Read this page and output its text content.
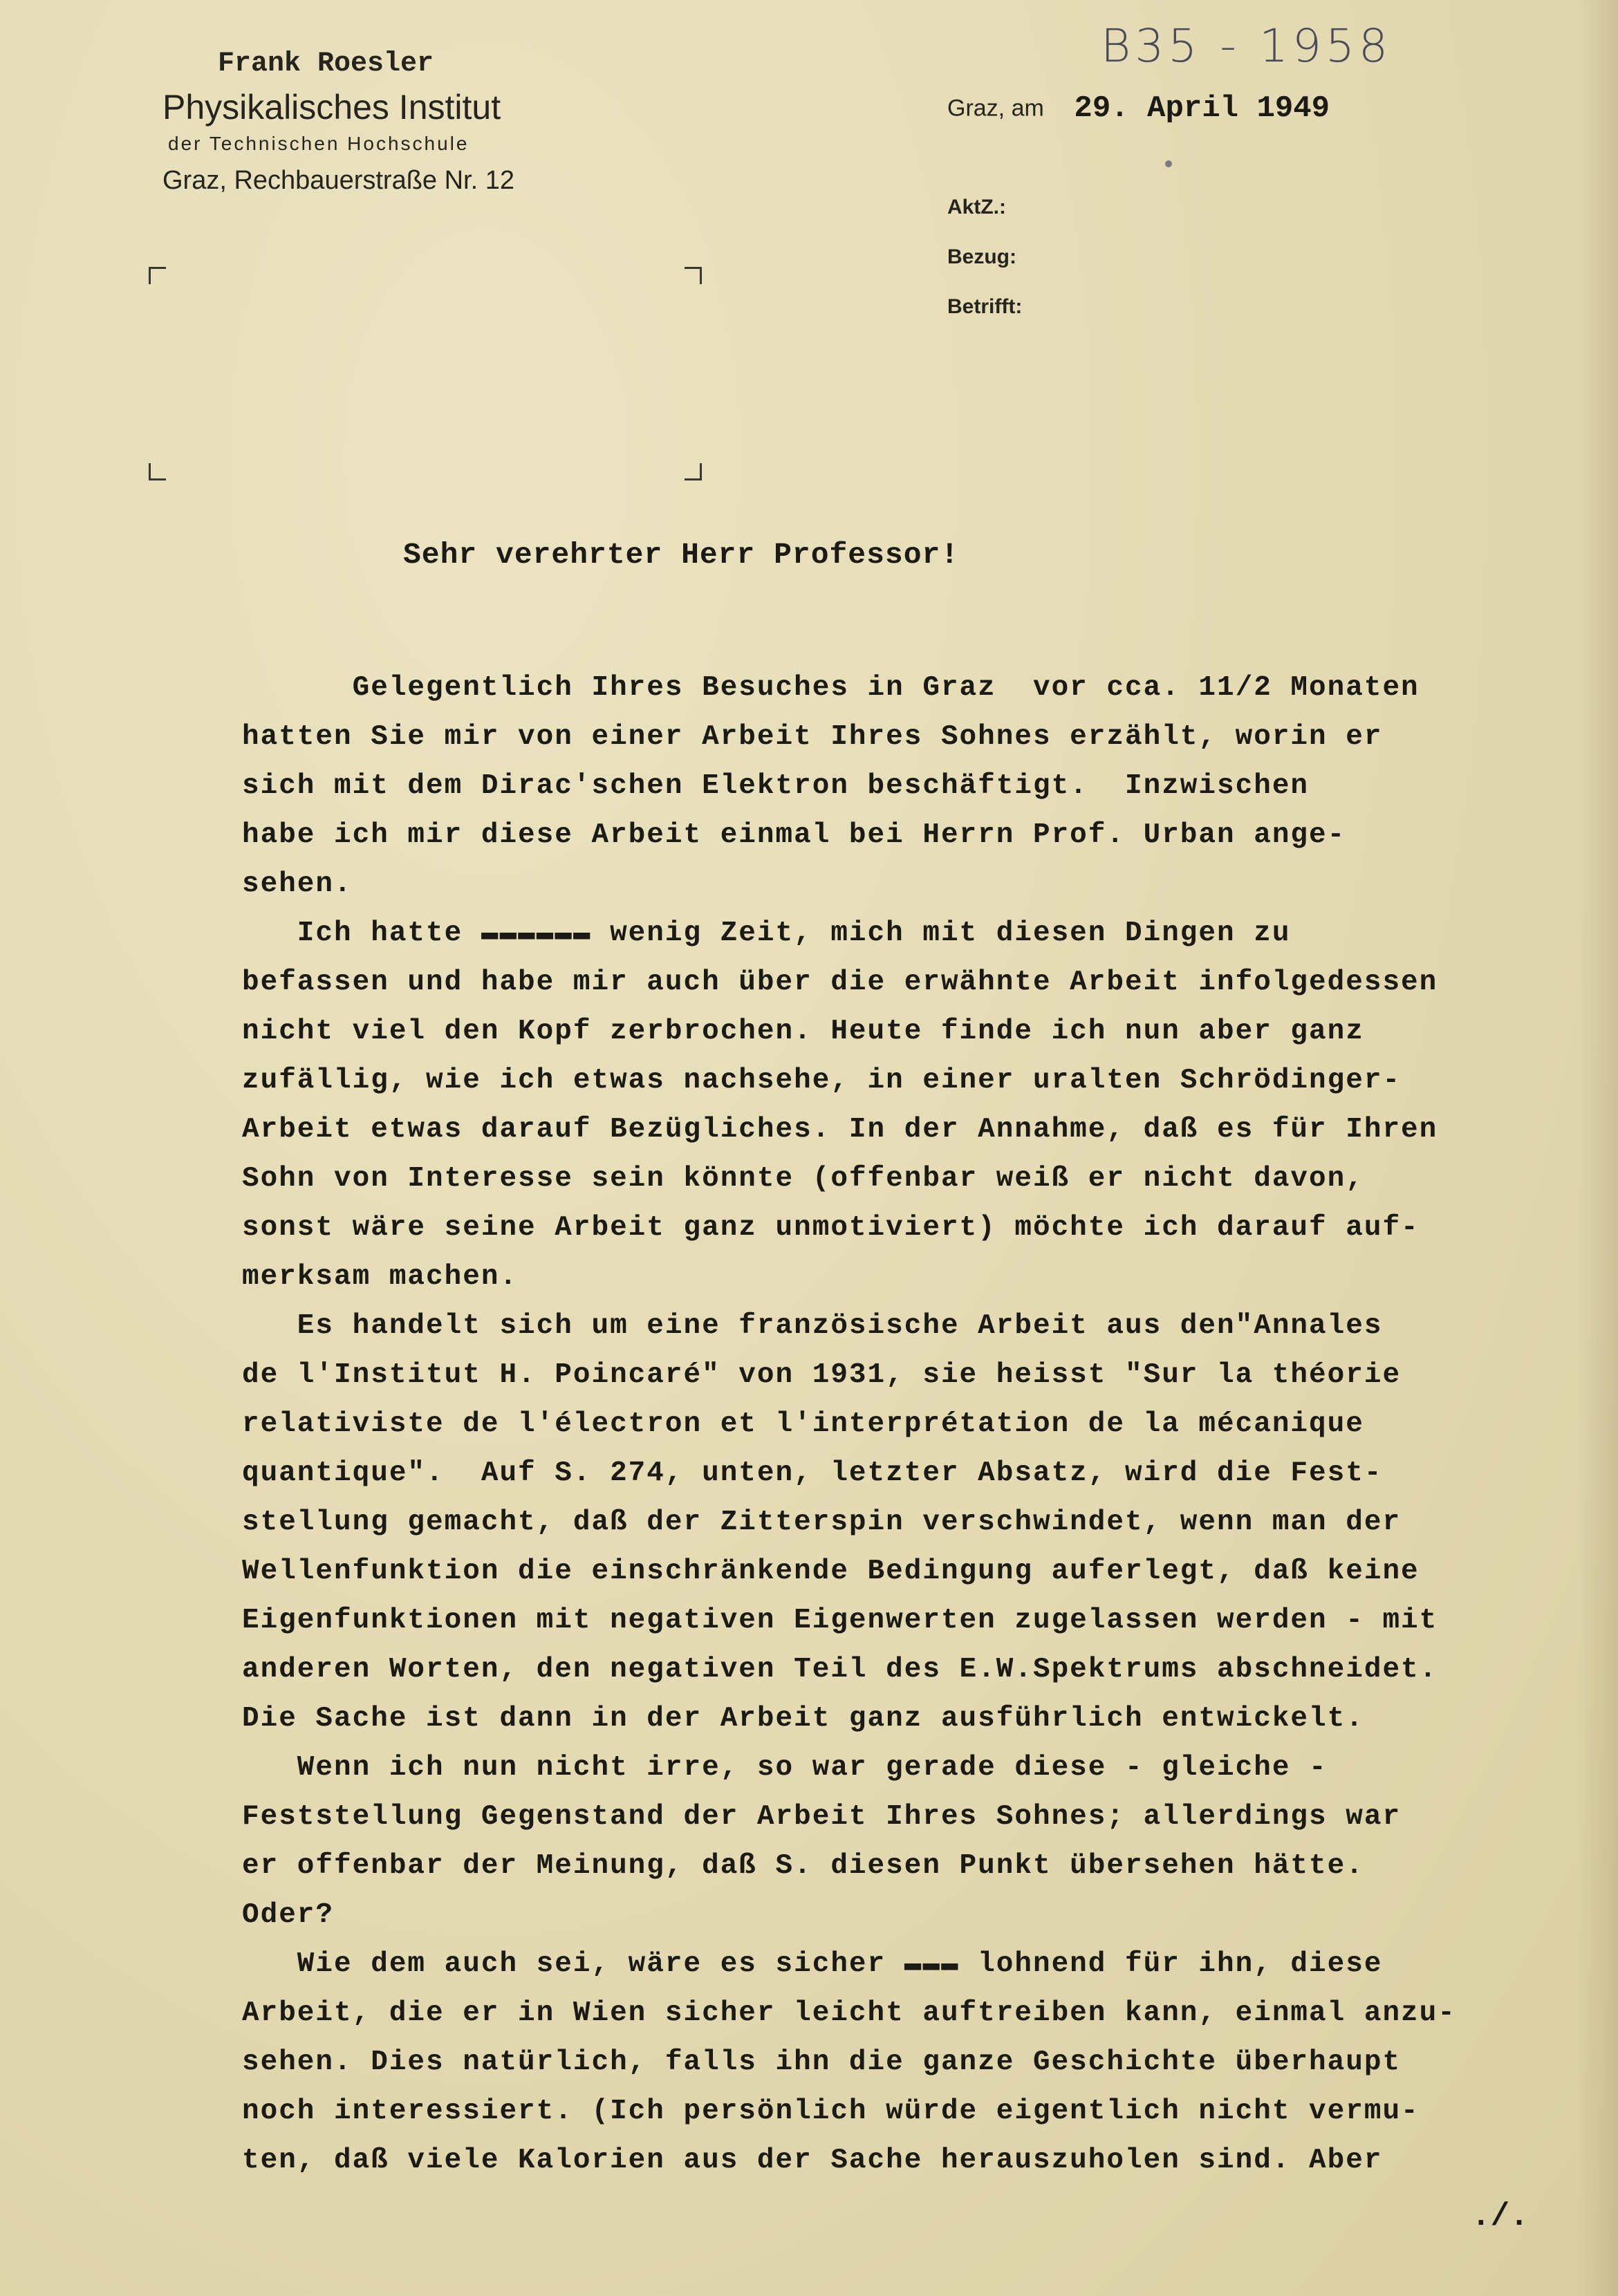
B35 - 1958
Frank Roesler
Physikalisches Institut
der Technischen Hochschule
Graz, Rechbauerstraße Nr. 12
Graz, am 29. April 1949
AktZ.:
Bezug:
Betrifft:
Sehr verehrter Herr Professor!
Gelegentlich Ihres Besuches in Graz  vor cca. 11/2 Monaten
hatten Sie mir von einer Arbeit Ihres Sohnes erzählt, worin er
sich mit dem Dirac'schen Elektron beschäftigt.  Inzwischen
habe ich mir diese Arbeit einmal bei Herrn Prof. Urban ange-
sehen.
Ich hatte ▬▬▬▬▬▬ wenig Zeit, mich mit diesen Dingen zu
befassen und habe mir auch über die erwähnte Arbeit infolgedessen
nicht viel den Kopf zerbrochen. Heute finde ich nun aber ganz
zufällig, wie ich etwas nachsehe, in einer uralten Schrödinger-
Arbeit etwas darauf Bezügliches. In der Annahme, daß es für Ihren
Sohn von Interesse sein könnte (offenbar weiß er nicht davon,
sonst wäre seine Arbeit ganz unmotiviert) möchte ich darauf auf-
merksam machen.
Es handelt sich um eine französische Arbeit aus den"Annales
de l'Institut H. Poincaré" von 1931, sie heisst "Sur la théorie
relativiste de l'électron et l'interprétation de la mécanique
quantique".  Auf S. 274, unten, letzter Absatz, wird die Fest-
stellung gemacht, daß der Zitterspin verschwindet, wenn man der
Wellenfunktion die einschränkende Bedingung auferlegt, daß keine
Eigenfunktionen mit negativen Eigenwerten zugelassen werden - mit
anderen Worten, den negativen Teil des E.W.Spektrums abschneidet.
Die Sache ist dann in der Arbeit ganz ausführlich entwickelt.
Wenn ich nun nicht irre, so war gerade diese - gleiche -
Feststellung Gegenstand der Arbeit Ihres Sohnes; allerdings war
er offenbar der Meinung, daß S. diesen Punkt übersehen hätte.
Oder?
Wie dem auch sei, wäre es sicher ▬▬▬ lohnend für ihn, diese
Arbeit, die er in Wien sicher leicht auftreiben kann, einmal anzu-
sehen. Dies natürlich, falls ihn die ganze Geschichte überhaupt
noch interessiert. (Ich persönlich würde eigentlich nicht vermu-
ten, daß viele Kalorien aus der Sache herauszuholen sind. Aber
./.
